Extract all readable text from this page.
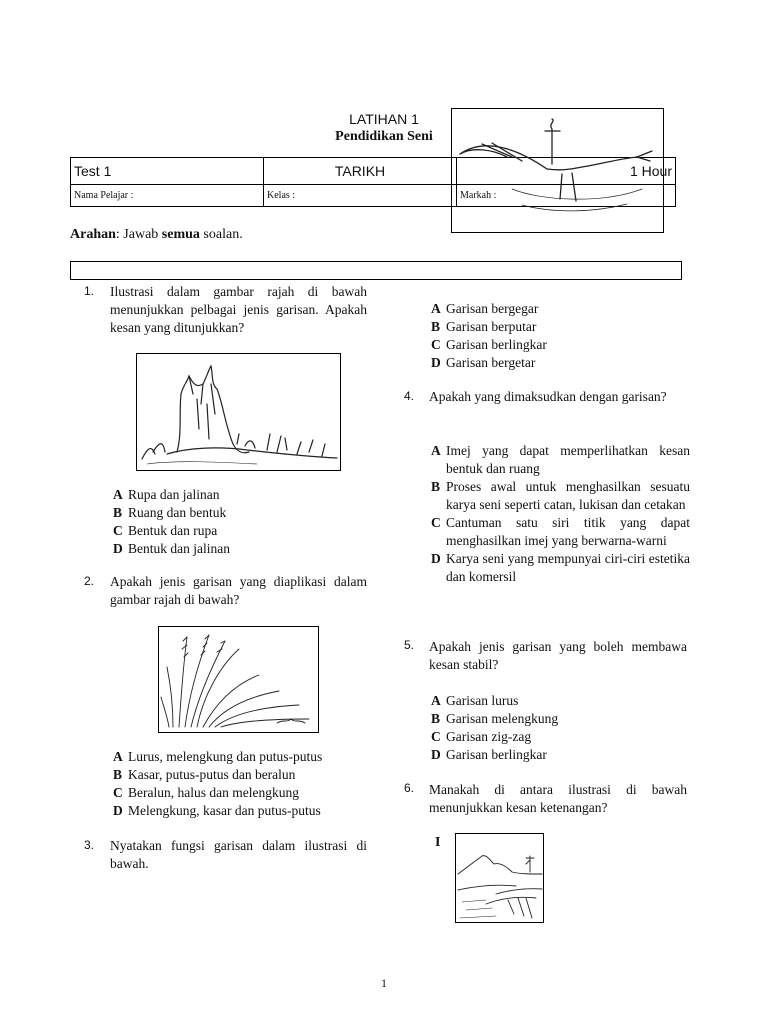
LATIHAN 1
Pendidikan Seni
Test 1	TARIKH	1 Hour
Nama Pelajar :	Kelas :	Markah :
Arahan: Jawab semua soalan.
1. Ilustrasi dalam gambar rajah di bawah menunjukkan pelbagai jenis garisan. Apakah kesan yang ditunjukkan?
A Rupa dan jalinan
B Ruang dan bentuk
C Bentuk dan rupa
D Bentuk dan jalinan
2. Apakah jenis garisan yang diaplikasi dalam gambar rajah di bawah?
A Lurus, melengkung dan putus-putus
B Kasar, putus-putus dan beralun
C Beralun, halus dan melengkung
D Melengkung, kasar dan putus-putus
3. Nyatakan fungsi garisan dalam ilustrasi di bawah.
A Garisan bergegar
B Garisan berputar
C Garisan berlingkar
D Garisan bergetar
4. Apakah yang dimaksudkan dengan garisan?
A Imej yang dapat memperlihatkan kesan bentuk dan ruang
B Proses awal untuk menghasilkan sesuatu karya seni seperti catan, lukisan dan cetakan
C Cantuman satu siri titik yang dapat menghasilkan imej yang berwarna-warni
D Karya seni yang mempunyai ciri-ciri estetika dan komersil
5. Apakah jenis garisan yang boleh membawa kesan stabil?
A Garisan lurus
B Garisan melengkung
C Garisan zig-zag
D Garisan berlingkar
6. Manakah di antara ilustrasi di bawah menunjukkan kesan ketenangan?
I
1
